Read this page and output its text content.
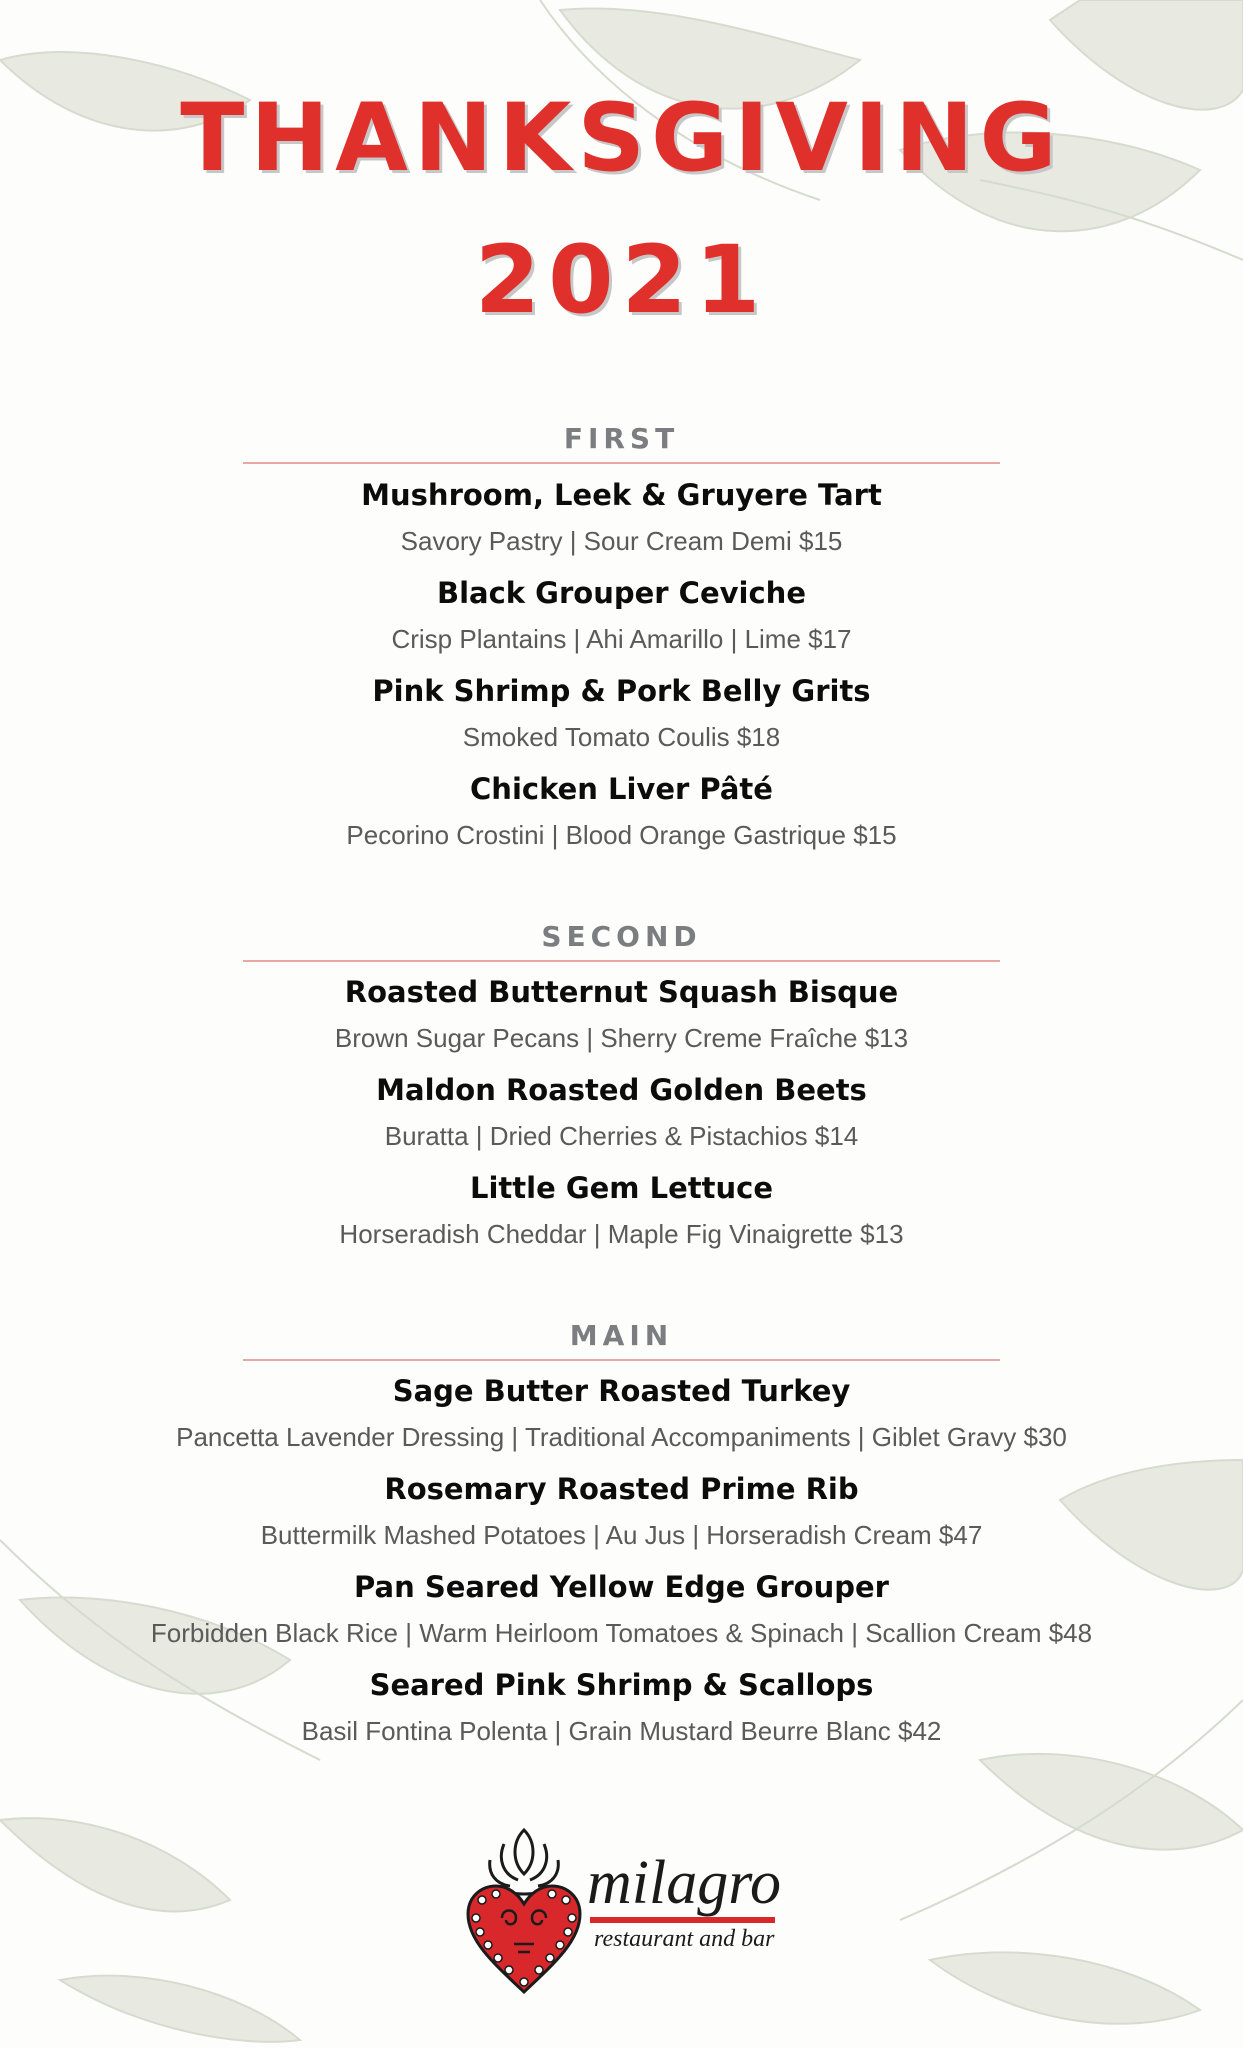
THANKSGIVING
2021
FIRST
Mushroom, Leek & Gruyere Tart
Savory Pastry | Sour Cream Demi $15
Black Grouper Ceviche
Crisp Plantains | Ahi Amarillo | Lime $17
Pink Shrimp & Pork Belly Grits
Smoked Tomato Coulis $18
Chicken Liver Pâté
Pecorino Crostini | Blood Orange Gastrique $15
SECOND
Roasted Butternut Squash Bisque
Brown Sugar Pecans | Sherry Creme Fraîche $13
Maldon Roasted Golden Beets
Buratta | Dried Cherries & Pistachios $14
Little Gem Lettuce
Horseradish Cheddar | Maple Fig Vinaigrette $13
MAIN
Sage Butter Roasted Turkey
Pancetta Lavender Dressing | Traditional Accompaniments | Giblet Gravy $30
Rosemary Roasted Prime Rib
Buttermilk Mashed Potatoes | Au Jus | Horseradish Cream $47
Pan Seared Yellow Edge Grouper
Forbidden Black Rice | Warm Heirloom Tomatoes & Spinach | Scallion Cream $48
Seared Pink Shrimp & Scallops
Basil Fontina Polenta | Grain Mustard Beurre Blanc $42
milagro
restaurant and bar
